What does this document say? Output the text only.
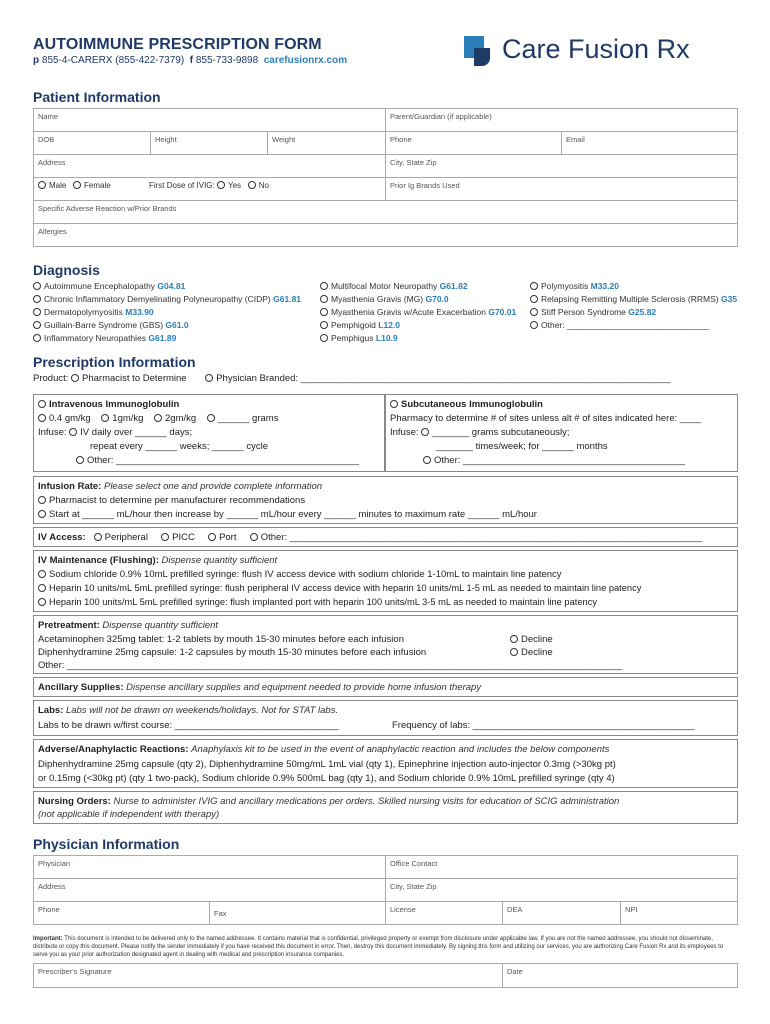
AUTOIMMUNE PRESCRIPTION FORM
p 855-4-CARERX (855-422-7379) f 855-733-9898 carefusionrx.com	Care Fusion Rx
Patient Information
Name	Parent/Guardian (if applicable)
DOB	Height	Weight	Phone	Email
Address	City, State Zip
Male Female	First Dose of IVIG: Yes No	Prior Ig Brands Used
Specific Adverse Reaction w/Prior Brands
Allergies
Diagnosis
Autoimmune Encephalopathy G04.81
Chronic Inflammatory Demyelinating Polyneuropathy (CIDP) G61.81
Dermatopolymyositis M33.90
Guillain-Barre Syndrome (GBS) G61.0
Inflammatory Neuropathies G61.89
Multifocal Motor Neuropathy G61.82
Myasthenia Gravis (MG) G70.0
Myasthenia Gravis w/Acute Exacerbation G70.01
Pemphigoid L12.0
Pemphigus L10.9
Polymyositis M33.20
Relapsing Remitting Multiple Sclerosis (RRMS) G35
Stiff Person Syndrome G25.82
Other: ______________________________
Prescription Information
Product: Pharmacist to Determine	Physician Branded: ______________________________________________________________________
Intravenous Immunoglobulin
0.4 gm/kg 1gm/kg 2gm/kg ______ grams
Infuse: IV daily over ______ days;
repeat every ______ weeks; ______ cycle
Other: ______________________________________________
Subcutaneous Immunoglobulin
Pharmacy to determine # of sites unless alt # of sites indicated here: ____
Infuse: _______ grams subcutaneously;
_______ times/week; for ______ months
Other: __________________________________________
Infusion Rate: Please select one and provide complete information
Pharmacist to determine per manufacturer recommendations
Start at ______ mL/hour then increase by ______ mL/hour every ______ minutes to maximum rate ______ mL/hour
IV Access: Peripheral	PICC	Port	Other: ______________________________________________________________________________
IV Maintenance (Flushing): Dispense quantity sufficient
Sodium chloride 0.9% 10mL prefilled syringe: flush IV access device with sodium chloride 1-10mL to maintain line patency
Heparin 10 units/mL 5mL prefilled syringe: flush peripheral IV access device with heparin 10 units/mL 1-5 mL as needed to maintain line patency
Heparin 100 units/mL 5mL prefilled syringe: flush implanted port with heparin 100 units/mL 3-5 mL as needed to maintain line patency
Pretreatment: Dispense quantity sufficient
Acetaminophen 325mg tablet: 1-2 tablets by mouth 15-30 minutes before each infusion
Diphenhydramine 25mg capsule: 1-2 capsules by mouth 15-30 minutes before each infusion
Decline
Decline
Other: _________________________________________________________________________________________________________
Ancillary Supplies: Dispense ancillary supplies and equipment needed to provide home infusion therapy
Labs: Labs will not be drawn on weekends/holidays. Not for STAT labs.
Labs to be drawn w/first course: _______________________________	Frequency of labs: __________________________________________
Adverse/Anaphylactic Reactions: Anaphylaxis kit to be used in the event of anaphylactic reaction and includes the below components
Diphenhydramine 25mg capsule (qty 2), Diphenhydramine 50mg/mL 1mL vial (qty 1), Epinephrine injection auto-injector 0.3mg (>30kg pt)
or 0.15mg (<30kg pt) (qty 1 two-pack), Sodium chloride 0.9% 500mL bag (qty 1), and Sodium chloride 0.9% 10mL prefilled syringe (qty 4)
Nursing Orders: Nurse to administer IVIG and ancillary medications per orders. Skilled nursing visits for education of SCIG administration
(not applicable if independent with therapy)
Physician Information
Physician	Office Contact
Address	City, State Zip
Phone	Fax	License	DEA	NPI
Important: This document is intended to be delivered only to the named addressee. It contains material that is confidential, privileged property or exempt from disclosure under applicable law. If you are not the named addressee, you should not disseminate, distribute or copy this document. Please notify the sender immediately if you have received this document in error. Then, destroy this document immediately. By signing this form and utilizing our services, you are authorizing Care Fusion Rx and its employees to serve you as your prior authorization designated agent in dealing with medical and prescription insurance companies.
Prescriber's Signature	Date
